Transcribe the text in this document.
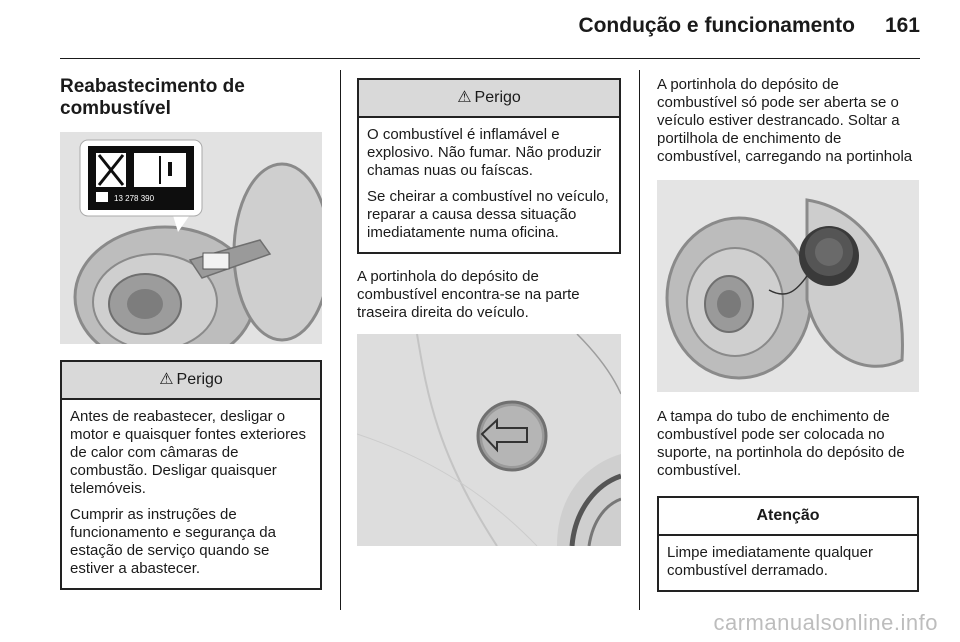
Condução e funcionamento 161
Reabastecimento de combustível
13 278 390
⚠ Perigo

Antes de reabastecer, desligar o motor e quaisquer fontes exteriores de calor com câmaras de combustão. Desligar quaisquer telemóveis.

Cumprir as instruções de funcionamento e segurança da estação de serviço quando se estiver a abastecer.

⚠ Perigo

O combustível é inflamável e explosivo. Não fumar. Não produzir chamas nuas ou faíscas.

Se cheirar a combustível no veículo, reparar a causa dessa situação imediatamente numa oficina.

A portinhola do depósito de combustível encontra-se na parte traseira direita do veículo.

A portinhola do depósito de combustível só pode ser aberta se o veículo estiver destrancado. Soltar a portilhola de enchimento de combustível, carregando na portinhola

A tampa do tubo de enchimento de combustível pode ser colocada no suporte, na portinhola do depósito de combustível.

Atenção
Limpe imediatamente qualquer combustível derramado.
carmanualsonline.info
